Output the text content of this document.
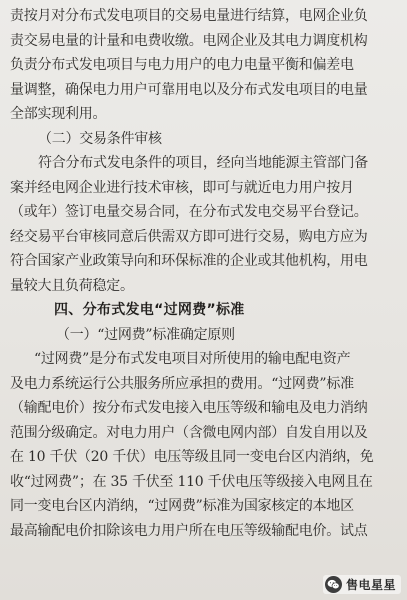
责按月对分布式发电项目的交易电量进行结算，电网企业负
责交易电量的计量和电费收缴。电网企业及其电力调度机构
负责分布式发电项目与电力用户的电力电量平衡和偏差电
量调整，确保电力用户可靠用电以及分布式发电项目的电量
全部实现利用。
（二）交易条件审核
符合分布式发电条件的项目，经向当地能源主管部门备
案并经电网企业进行技术审核，即可与就近电力用户按月
（或年）签订电量交易合同，在分布式发电交易平台登记。
经交易平台审核同意后供需双方即可进行交易，购电方应为
符合国家产业政策导向和环保标准的企业或其他机构，用电
量较大且负荷稳定。
四、分布式发电“过网费”标准
（一）“过网费”标准确定原则
“过网费”是分布式发电项目对所使用的输电配电资产
及电力系统运行公共服务所应承担的费用。“过网费”标准
（输配电价）按分布式发电接入电压等级和输电及电力消纳
范围分级确定。对电力用户（含微电网内部）自发自用以及
在 10 千伏（20 千伏）电压等级且同一变电台区内消纳，免
收“过网费”；在 35 千伏至 110 千伏电压等级接入电网且在
同一变电台区内消纳，“过网费”标准为国家核定的本地区
最高输配电价扣除该电力用户所在电压等级输配电价。试点
售电星星
